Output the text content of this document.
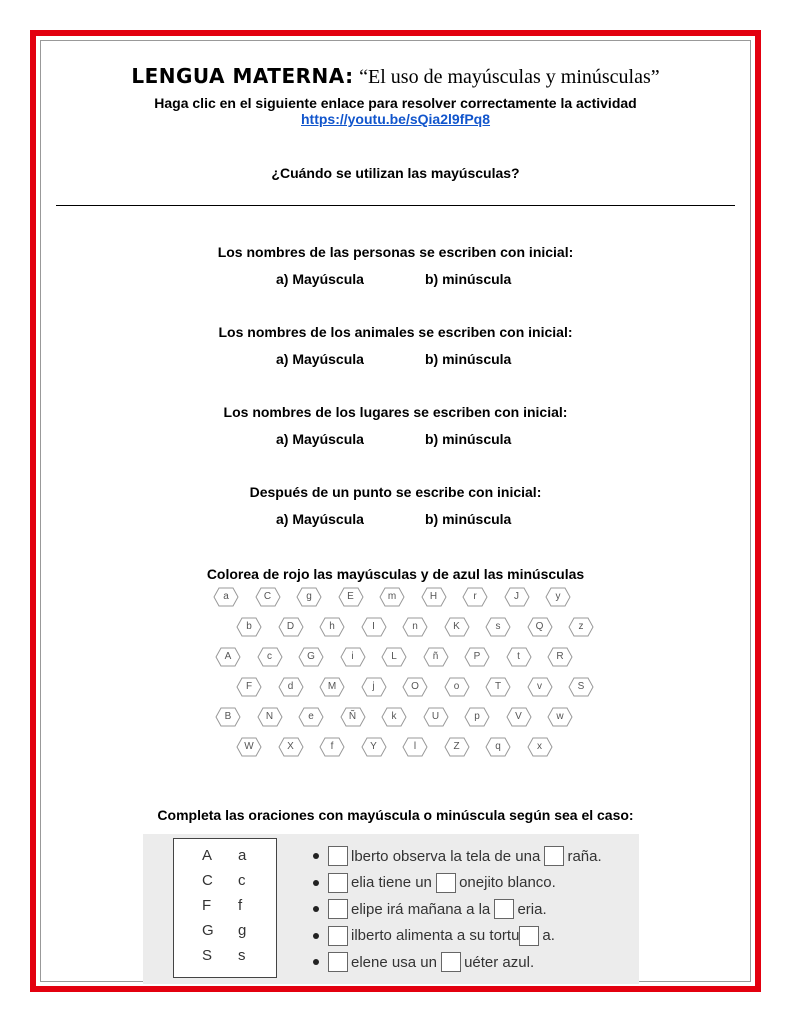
LENGUA MATERNA: “El uso de mayúsculas y minúsculas”
Haga clic en el siguiente enlace para resolver correctamente la actividad
https://youtu.be/sQia2l9fPq8
¿Cuándo se utilizan las mayúsculas?
Los nombres de las personas se escriben con inicial:
a) Mayúscula	b) minúscula
Los nombres de los animales se escriben con inicial:
a) Mayúscula	b) minúscula
Los nombres de los lugares se escriben con inicial:
a) Mayúscula	b) minúscula
Después de un punto se escribe con inicial:
a) Mayúscula	b) minúscula
Colorea de rojo las mayúsculas y de azul las minúsculas
a	C	g	E	m	H	r	J	y
b	D	h	I	n	K	s	Q	z
A	c	G	i	L	ñ	P	t	R
F	d	M	j	O	o	T	v	S
B	N	e	Ñ	k	U	p	V	w
W	X	f	Y	l	Z	q	x
Completa las oraciones con mayúscula o minúscula según sea el caso:
A a
C c
F f
G g
S s
lberto observa la tela de una raña.
elia tiene un onejito blanco.
elipe irá mañana a la eria.
ilberto alimenta a su tortu a.
elene usa un uéter azul.
